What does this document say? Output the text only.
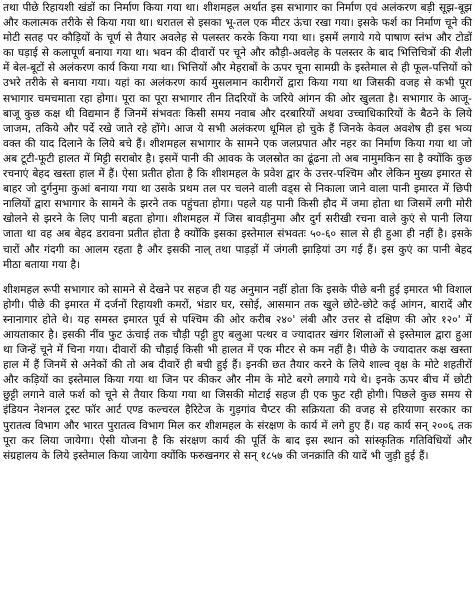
तथा पीछे रिहायशी खंडों का निर्माण किया गया था। शीशमहल अर्थात इस सभागार का निर्माण एवं अलंकरण बड़ी सूझ-बूझ और कलात्मक तरीके से किया गया था। धरातल से इसका भू-तल एक मीटर ऊंचा रखा गया। इसके फर्श का निर्माण चूने की मोटी सतह पर कौड़ियों के चूर्ण से तैयार अवलेह से पलस्तर करके किया गया था। इसमें लगाये गये पाषाण स्तंभ और टोडों का घड़ाई से कलापूर्ण बनाया गया था। भवन की दीवारों पर चूने और कौड़ी-अवलेह के पलस्तर के बाद भित्तिचित्रों की शैली में बेल-बूटों से अलंकरण कार्य किया गया था। भित्तियों और मेहराबों के ऊपर चूना सामग्री के इस्तेमाल से ही फूल-पत्तियों को उभरे तरीके से बनाया गया। यहां का अलंकरण कार्य मुसलमान कारीगरों द्वारा किया गया था जिसकी वजह से कभी पूरा सभागार चमचमाता रहा होगा। पूरा का पूरा सभागार तीन तिदरियों के जरिये आंगन की ओर खुलता है। सभागार के आजू-बाजू कुछ कक्ष थी विद्यमान हैं जिनमें संभवतः किसी समय नवाब और दरबारियों अथवा उच्चाधिकारियों के बैठने के लिये जाजम, तकिये और पर्दे रखे जाते रहे होंगे। आज ये सभी अलंकरण धूमिल हो चुके हैं जिनके केवल अवशेष ही इस भव्य वक्त की याद दिलाने के लिये बचे हैं। शीशमहल सभागार के सामने एक जलप्रपात और नहर का निर्माण किया गया था जो अब टूटी-फूटी हालत में मिट्टी सराबोर है। इसमें पानी की आवक के जलस्रोत का ढूंढना तो अब नामुमकिन सा है क्योंकि कुछ रचनाएं बेहद खस्ता हाल में हैं। ऐसा प्रतीत होता है कि शीशमहल के प्रवेश द्वार के उत्तर-पश्चिम और लेकिन मुख्य इमारत से बाहर जो दुर्गनुमा कुआं बनाया गया था उसके प्रथम तल पर चलने वाली वड्स से निकाला जाने वाला पानी इमारत में छिपी नालियों द्वारा सभागार के सामने के झरने तक पहुंचता होगा। पहले यह पानी किसी हौद में जमा होता था जिसमें लगी मोरी खोलने से झरने के लिए पानी बहता होगा। शीशमहल में जिस बावड़ीनुमा और दुर्ग सरीखी रचना वाले कुएं से पानी लिया जाता था वह अब बेहद डरावना प्रतीत होता है क्योंकि इसका इस्तेमाल संभवतः ५०-६० साल से ही हुआ ही नहीं है। इसके चारों और गंदगी का आलम रहता है और इसकी नाल् तथा पाड़ड़ों में जंगली झाड़ियां उग गई हैं। इस कुएं का पानी बेहद मीठा बताया गया है।

शीशमहल रूपी सभागार को सामने से देखने पर सहज ही यह अनुमान नहीं होता कि इसके पीछे बनी हुई इमारत भी विशाल होगी। पीछे की इमारत में दर्जनों रिहायशी कमरों, भंडार घर, रसोई, आसमान तक खुले छोटे-छोटे कई आंगन, बारादें और स्नानागार होते थे। यह समस्त इमारत पूर्व से पश्चिम की ओर करीब २४०' लंबी और उत्तर से दक्षिण की ओर १२०' में आयताकार है। इसकी नींव फुट ऊंचाई तक चौड़ी पट्टी हुए बलुआ पत्थर व ज्यादातर खंगर शिलाओं से इस्तेमाल द्वारा हुआ था जिन्हें चूने में चिना गया। दीवारों की चौड़ाई किसी भी हालत में एक मीटर से कम नहीं है। पीछे के ज्यादातर कक्ष खस्ता हाल में हैं जिनमें से अनेकों की तो अब दीवारें ही बची हुई हैं। इनकी छत तैयार करने के लिये शाल्व वृक्ष के मोटे शहतीरों और कड़ियों का इस्तेमाल किया गया था जिन पर कीकर और नीम के मोटे बरगे लगाये गये थे। इनके ऊपर बीच में छोटी छुट्टी लगाने वाले फर्श को चूने से तैयार किया गया था जिसकी मोटाई सहज ही एक फुट रही होगी। पिछले कुछ समय से इंडियन नेशनल ट्रस्ट फॉर आर्ट एण्ड कल्चरल हैरिटेज के गुड़गांव चैप्टर की सक्रियता की वजह से हरियाणा सरकार का पुरातत्व विभाग और भारत पुरातत्व विभाग मिल कर शीशमहल के संरक्षण के कार्य में लगे हुए हैं। यह कार्य सन् २००६ तक पूरा कर लिया जायेगा। ऐसी योजना है कि संरक्षण कार्य की पूर्ति के बाद इस स्थान को सांस्कृतिक गतिविधियों और संग्रहालय के लिये इस्तेमाल किया जायेगा क्योंकि फरुखनगर से सन् १८५७ की जनक्रांति की यादें भी जुड़ी हुई हैं।
